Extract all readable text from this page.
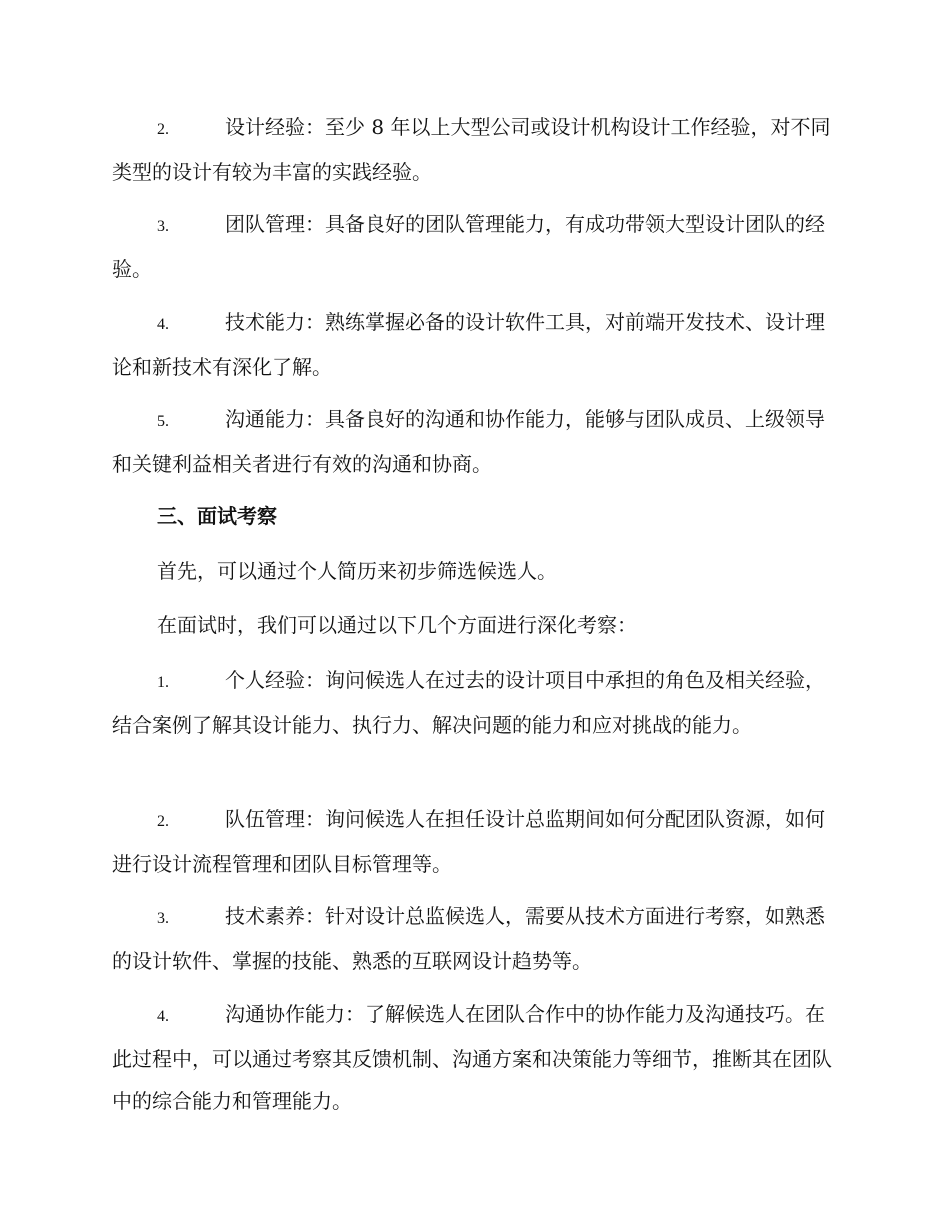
2.	设计经验：至少 8 年以上大型公司或设计机构设计工作经验，对不同类型的设计有较为丰富的实践经验。

3.	团队管理：具备良好的团队管理能力，有成功带领大型设计团队的经验。

4.	技术能力：熟练掌握必备的设计软件工具，对前端开发技术、设计理论和新技术有深化了解。

5.	沟通能力：具备良好的沟通和协作能力，能够与团队成员、上级领导和关键利益相关者进行有效的沟通和协商。

三、面试考察

首先，可以通过个人简历来初步筛选候选人。

在面试时，我们可以通过以下几个方面进行深化考察：

1.	个人经验：询问候选人在过去的设计项目中承担的角色及相关经验，结合案例了解其设计能力、执行力、解决问题的能力和应对挑战的能力。

2.	队伍管理：询问候选人在担任设计总监期间如何分配团队资源，如何进行设计流程管理和团队目标管理等。

3.	技术素养：针对设计总监候选人，需要从技术方面进行考察，如熟悉的设计软件、掌握的技能、熟悉的互联网设计趋势等。

4.	沟通协作能力：了解候选人在团队合作中的协作能力及沟通技巧。在此过程中，可以通过考察其反馈机制、沟通方案和决策能力等细节，推断其在团队中的综合能力和管理能力。
